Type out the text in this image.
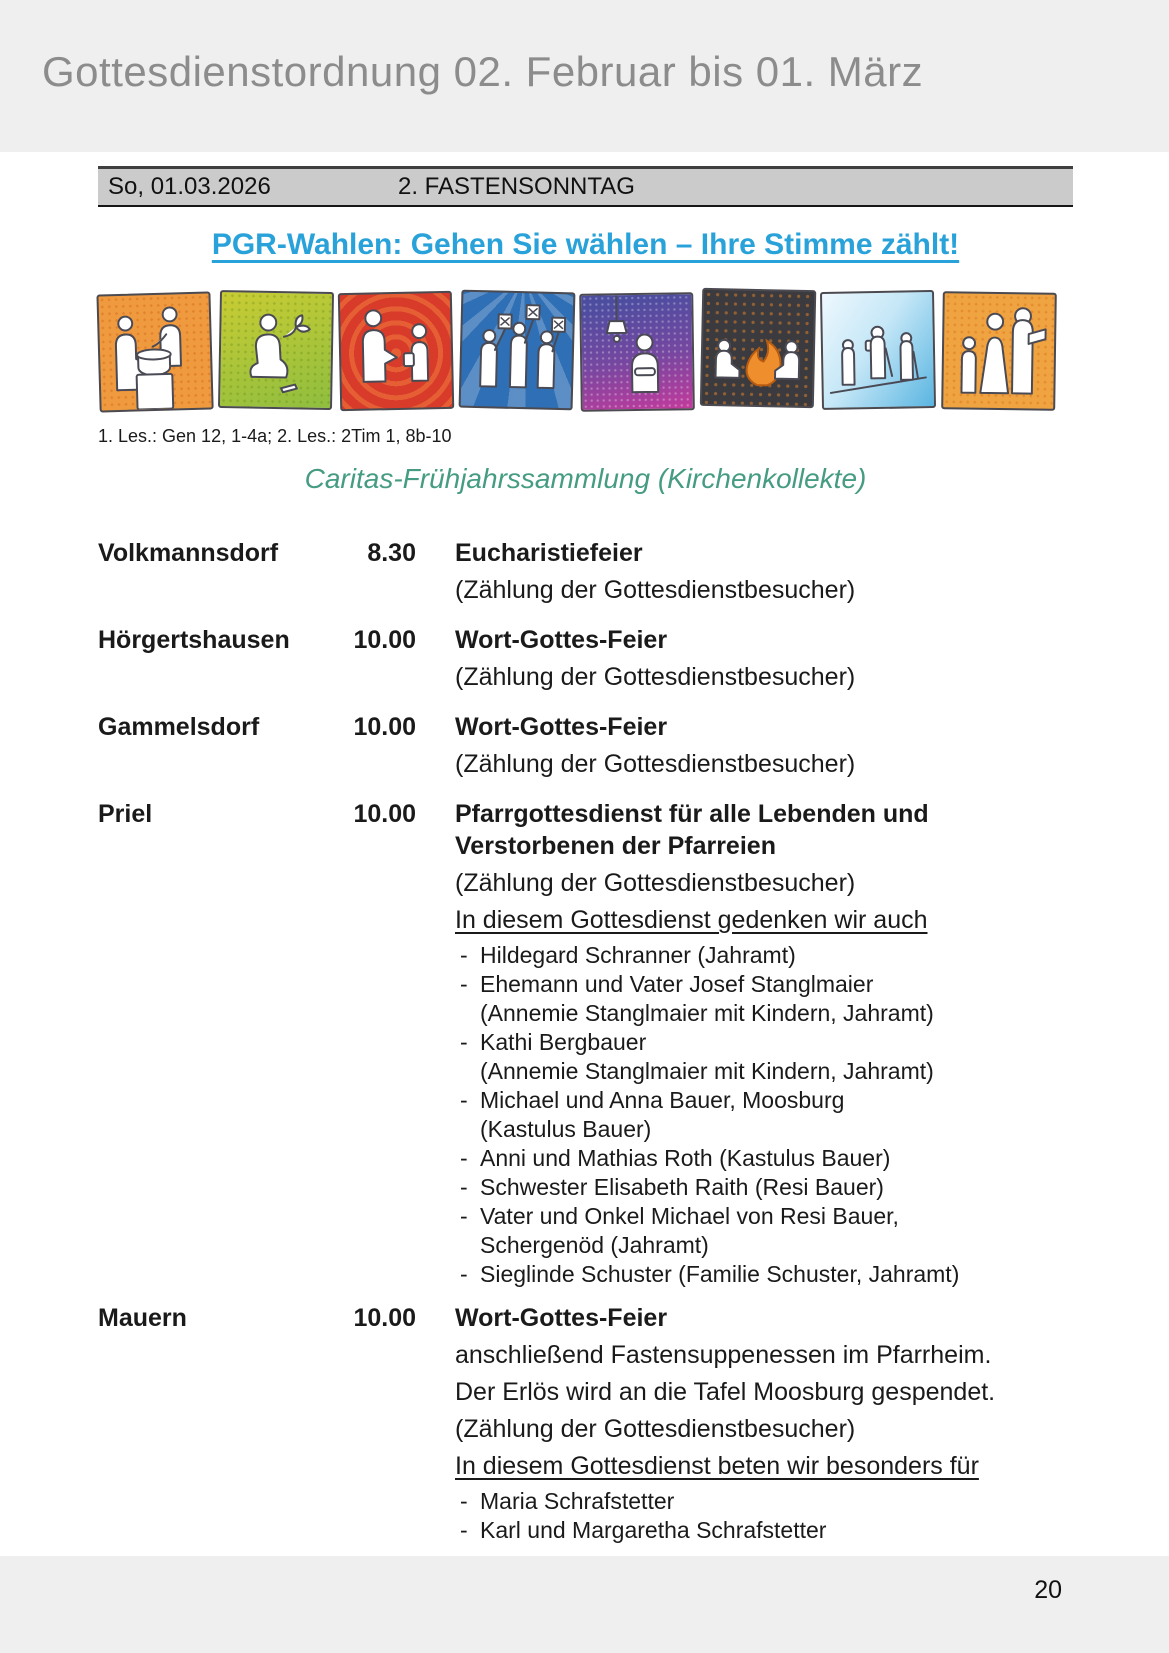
Gottesdienstordnung 02. Februar bis 01. März
So, 01.03.2026	2. FASTENSONNTAG
PGR-Wahlen: Gehen Sie wählen – Ihre Stimme zählt!
1. Les.: Gen 12, 1-4a; 2. Les.: 2Tim 1, 8b-10
Caritas-Frühjahrssammlung (Kirchenkollekte)
Volkmannsdorf	8.30 Eucharistiefeier
(Zählung der Gottesdienstbesucher)
Hörgertshausen	10.00 Wort-Gottes-Feier
(Zählung der Gottesdienstbesucher)
Gammelsdorf	10.00 Wort-Gottes-Feier
(Zählung der Gottesdienstbesucher)
Priel	10.00 Pfarrgottesdienst für alle Lebenden und Verstorbenen der Pfarreien
(Zählung der Gottesdienstbesucher)
In diesem Gottesdienst gedenken wir auch
- Hildegard Schranner (Jahramt)
- Ehemann und Vater Josef Stanglmaier
(Annemie Stanglmaier mit Kindern, Jahramt)
- Kathi Bergbauer
(Annemie Stanglmaier mit Kindern, Jahramt)
- Michael und Anna Bauer, Moosburg
(Kastulus Bauer)
- Anni und Mathias Roth (Kastulus Bauer)
- Schwester Elisabeth Raith (Resi Bauer)
- Vater und Onkel Michael von Resi Bauer,
Schergenöd (Jahramt)
- Sieglinde Schuster (Familie Schuster, Jahramt)
Mauern	10.00 Wort-Gottes-Feier
anschließend Fastensuppenessen im Pfarrheim.
Der Erlös wird an die Tafel Moosburg gespendet.
(Zählung der Gottesdienstbesucher)
In diesem Gottesdienst beten wir besonders für
- Maria Schrafstetter
- Karl und Margaretha Schrafstetter
20
